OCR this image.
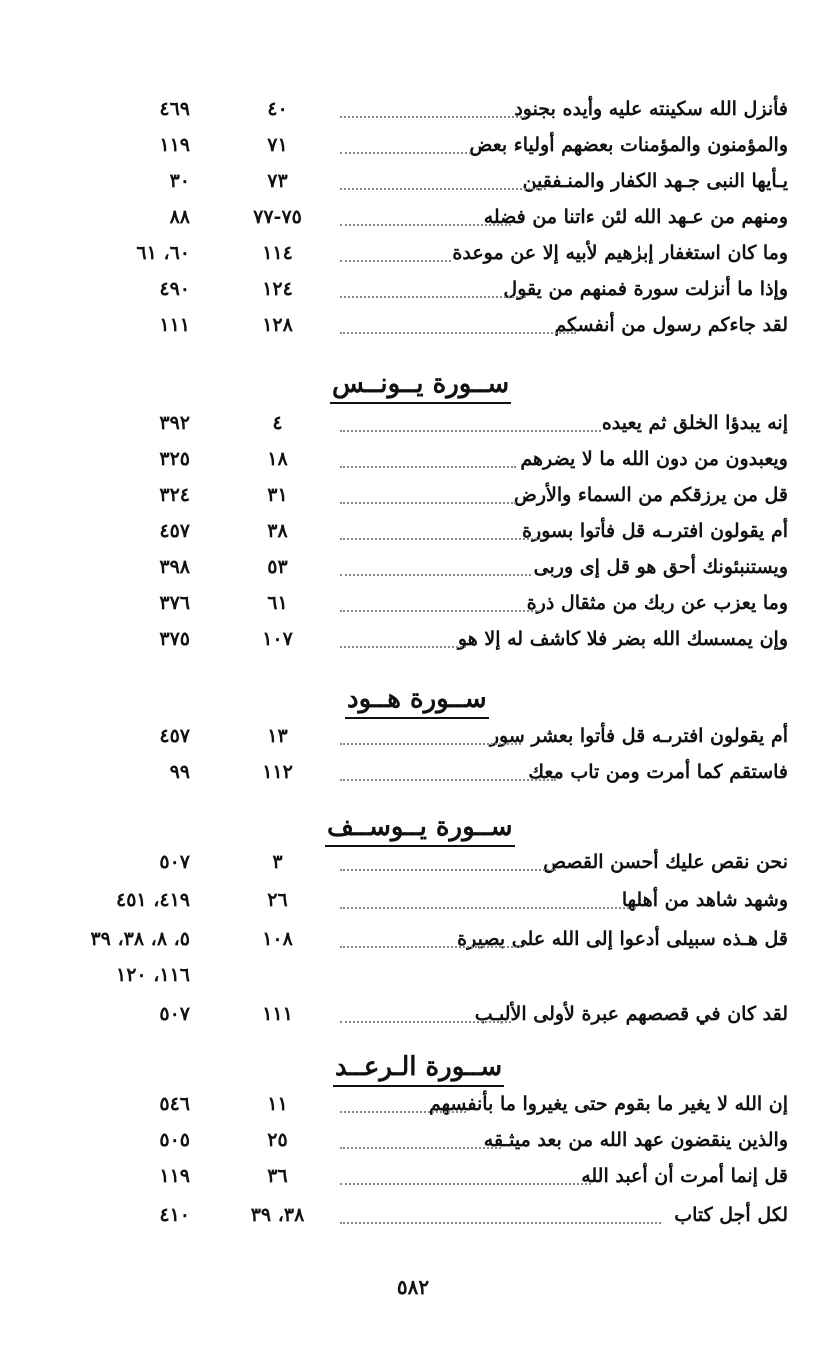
فأنزل الله سكينته عليه وأيده بجنود
٤٠
٤٦٩
والمؤمنون والمؤمنات بعضهم أولياء بعض
٧١
١١٩
يـأيها النبى جـهد الكفار والمنـفقين
٧٣
٣٠
ومنهم من عـهد الله لئن ءاتنا من فضله
٧٥-٧٧
٨٨
وما كان استغفار إبرٰهيم لأبيه إلا عن موعدة
١١٤
٦٠، ٦١
وإذا ما أنزلت سورة فمنهم من يقول
١٢٤
٤٩٠
لقد جاءكم رسول من أنفسكم
١٢٨
١١١
ســورة يــونــس
إنه يبدؤا الخلق ثم يعيده
٤
٣٩٢
ويعبدون من دون الله ما لا يضرهم
١٨
٣٢٥
قل من يرزقكم من السماء والأرض
٣١
٣٢٤
أم يقولون افترىـه قل فأتوا بسورة
٣٨
٤٥٧
ويستنبئونك أحق هو قل إى وربى
٥٣
٣٩٨
وما يعزب عن ربك من مثقال ذرة
٦١
٣٧٦
وإن يمسسك الله بضر فلا كاشف له إلا هو
١٠٧
٣٧٥
ســورة هــود
أم يقولون افترىـه قل فأتوا بعشر سور
١٣
٤٥٧
فاستقم كما أمرت ومن تاب معك
١١٢
٩٩
ســورة يــوســف
نحن نقص عليك أحسن القصص
٣
٥٠٧
وشهد شاهد من أهلها
٢٦
٤١٩، ٤٥١
قل هـذه سبيلى أدعوا إلى الله على بصيرة
١٠٨
٥، ٨، ٣٨، ٣٩
١١٦، ١٢٠
لقد كان في قصصهم عبرة لأولى الألبـب
١١١
٥٠٧
ســورة الـرعــد
إن الله لا يغير ما بقوم حتى يغيروا ما بأنفسهم
١١
٥٤٦
والذين ينقضون عهد الله من بعد ميثـقه
٢٥
٥٠٥
قل إنما أمرت أن أعبد الله
٣٦
١١٩
لكل أجل كتاب
٣٨، ٣٩
٤١٠
٥٨٢
